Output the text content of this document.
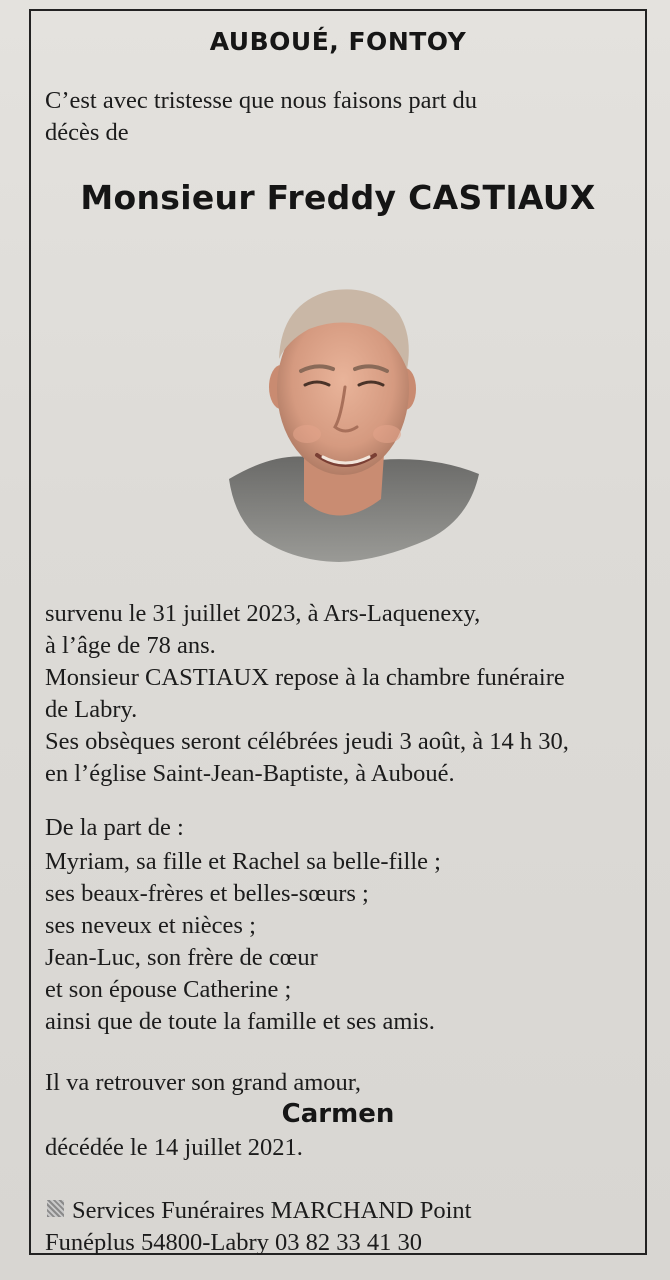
AUBOUÉ, FONTOY
C’est avec tristesse que nous faisons part du
décès de
Monsieur Freddy CASTIAUX
survenu le 31 juillet 2023, à Ars-Laquenexy,
à l’âge de 78 ans.
Monsieur CASTIAUX repose à la chambre funéraire
de Labry.
Ses obsèques seront célébrées jeudi 3 août, à 14 h 30,
en l’église Saint-Jean-Baptiste, à Auboué.
De la part de :
Myriam, sa fille et Rachel sa belle-fille ;
ses beaux-frères et belles-sœurs ;
ses neveux et nièces ;
Jean-Luc, son frère de cœur
et son épouse Catherine ;
ainsi que de toute la famille et ses amis.
Il va retrouver son grand amour,
Carmen
décédée le 14 juillet 2021.
Services Funéraires MARCHAND Point
Funéplus 54800-Labry 03 82 33 41 30
